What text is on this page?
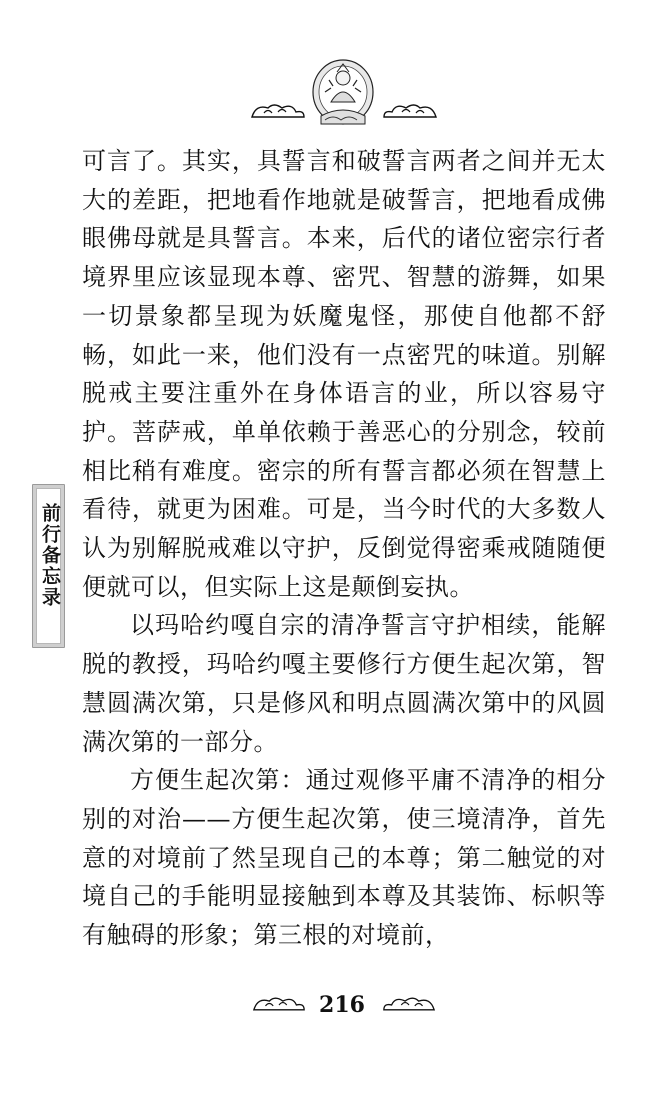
前行备忘录

可言了。其实，具誓言和破誓言两者之间并无太大的差距，把地看作地就是破誓言，把地看成佛眼佛母就是具誓言。本来，后代的诸位密宗行者境界里应该显现本尊、密咒、智慧的游舞，如果一切景象都呈现为妖魔鬼怪，那使自他都不舒畅，如此一来，他们没有一点密咒的味道。别解脱戒主要注重外在身体语言的业，所以容易守护。菩萨戒，单单依赖于善恶心的分别念，较前相比稍有难度。密宗的所有誓言都必须在智慧上看待，就更为困难。可是，当今时代的大多数人认为别解脱戒难以守护，反倒觉得密乘戒随随便便就可以，但实际上这是颠倒妄执。

以玛哈约嘎自宗的清净誓言守护相续，能解脱的教授，玛哈约嘎主要修行方便生起次第，智慧圆满次第，只是修风和明点圆满次第中的风圆满次第的一部分。

方便生起次第：通过观修平庸不清净的相分别的对治——方便生起次第，使三境清净，首先意的对境前了然呈现自己的本尊；第二触觉的对境自己的手能明显接触到本尊及其装饰、标帜等有触碍的形象；第三根的对境前，

216
